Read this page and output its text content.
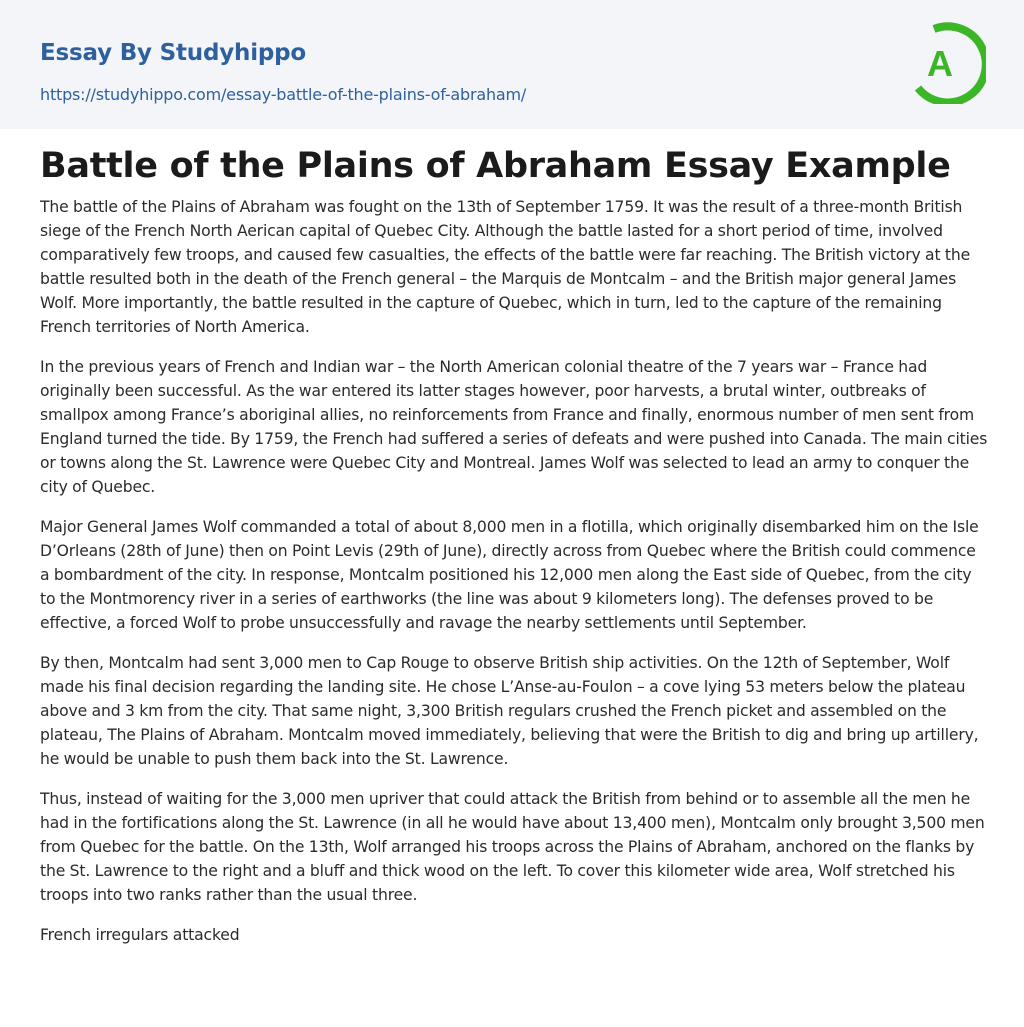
Essay By Studyhippo
https://studyhippo.com/essay-battle-of-the-plains-of-abraham/
A
Battle of the Plains of Abraham Essay Example

The battle of the Plains of Abraham was fought on the 13th of September 1759. It was the result of a three-month British siege of the French North Aerican capital of Quebec City. Although the battle lasted for a short period of time, involved comparatively few troops, and caused few casualties, the effects of the battle were far reaching. The British victory at the battle resulted both in the death of the French general – the Marquis de Montcalm – and the British major general James Wolf. More importantly, the battle resulted in the capture of Quebec, which in turn, led to the capture of the remaining French territories of North America.

In the previous years of French and Indian war – the North American colonial theatre of the 7 years war – France had originally been successful. As the war entered its latter stages however, poor harvests, a brutal winter, outbreaks of smallpox among France’s aboriginal allies, no reinforcements from France and finally, enormous number of men sent from England turned the tide. By 1759, the French had suffered a series of defeats and were pushed into Canada. The main cities or towns along the St. Lawrence were Quebec City and Montreal. James Wolf was selected to lead an army to conquer the city of Quebec.

Major General James Wolf commanded a total of about 8,000 men in a flotilla, which originally disembarked him on the Isle D’Orleans (28th of June) then on Point Levis (29th of June), directly across from Quebec where the British could commence a bombardment of the city. In response, Montcalm positioned his 12,000 men along the East side of Quebec, from the city to the Montmorency river in a series of earthworks (the line was about 9 kilometers long). The defenses proved to be effective, a forced Wolf to probe unsuccessfully and ravage the nearby settlements until September.

By then, Montcalm had sent 3,000 men to Cap Rouge to observe British ship activities. On the 12th of September, Wolf made his final decision regarding the landing site. He chose L’Anse-au-Foulon – a cove lying 53 meters below the plateau above and 3 km from the city. That same night, 3,300 British regulars crushed the French picket and assembled on the plateau, The Plains of Abraham. Montcalm moved immediately, believing that were the British to dig and bring up artillery, he would be unable to push them back into the St. Lawrence.

Thus, instead of waiting for the 3,000 men upriver that could attack the British from behind or to assemble all the men he had in the fortifications along the St. Lawrence (in all he would have about 13,400 men), Montcalm only brought 3,500 men from Quebec for the battle. On the 13th, Wolf arranged his troops across the Plains of Abraham, anchored on the flanks by the St. Lawrence to the right and a bluff and thick wood on the left. To cover this kilometer wide area, Wolf stretched his troops into two ranks rather than the usual three.

French irregulars attacked
